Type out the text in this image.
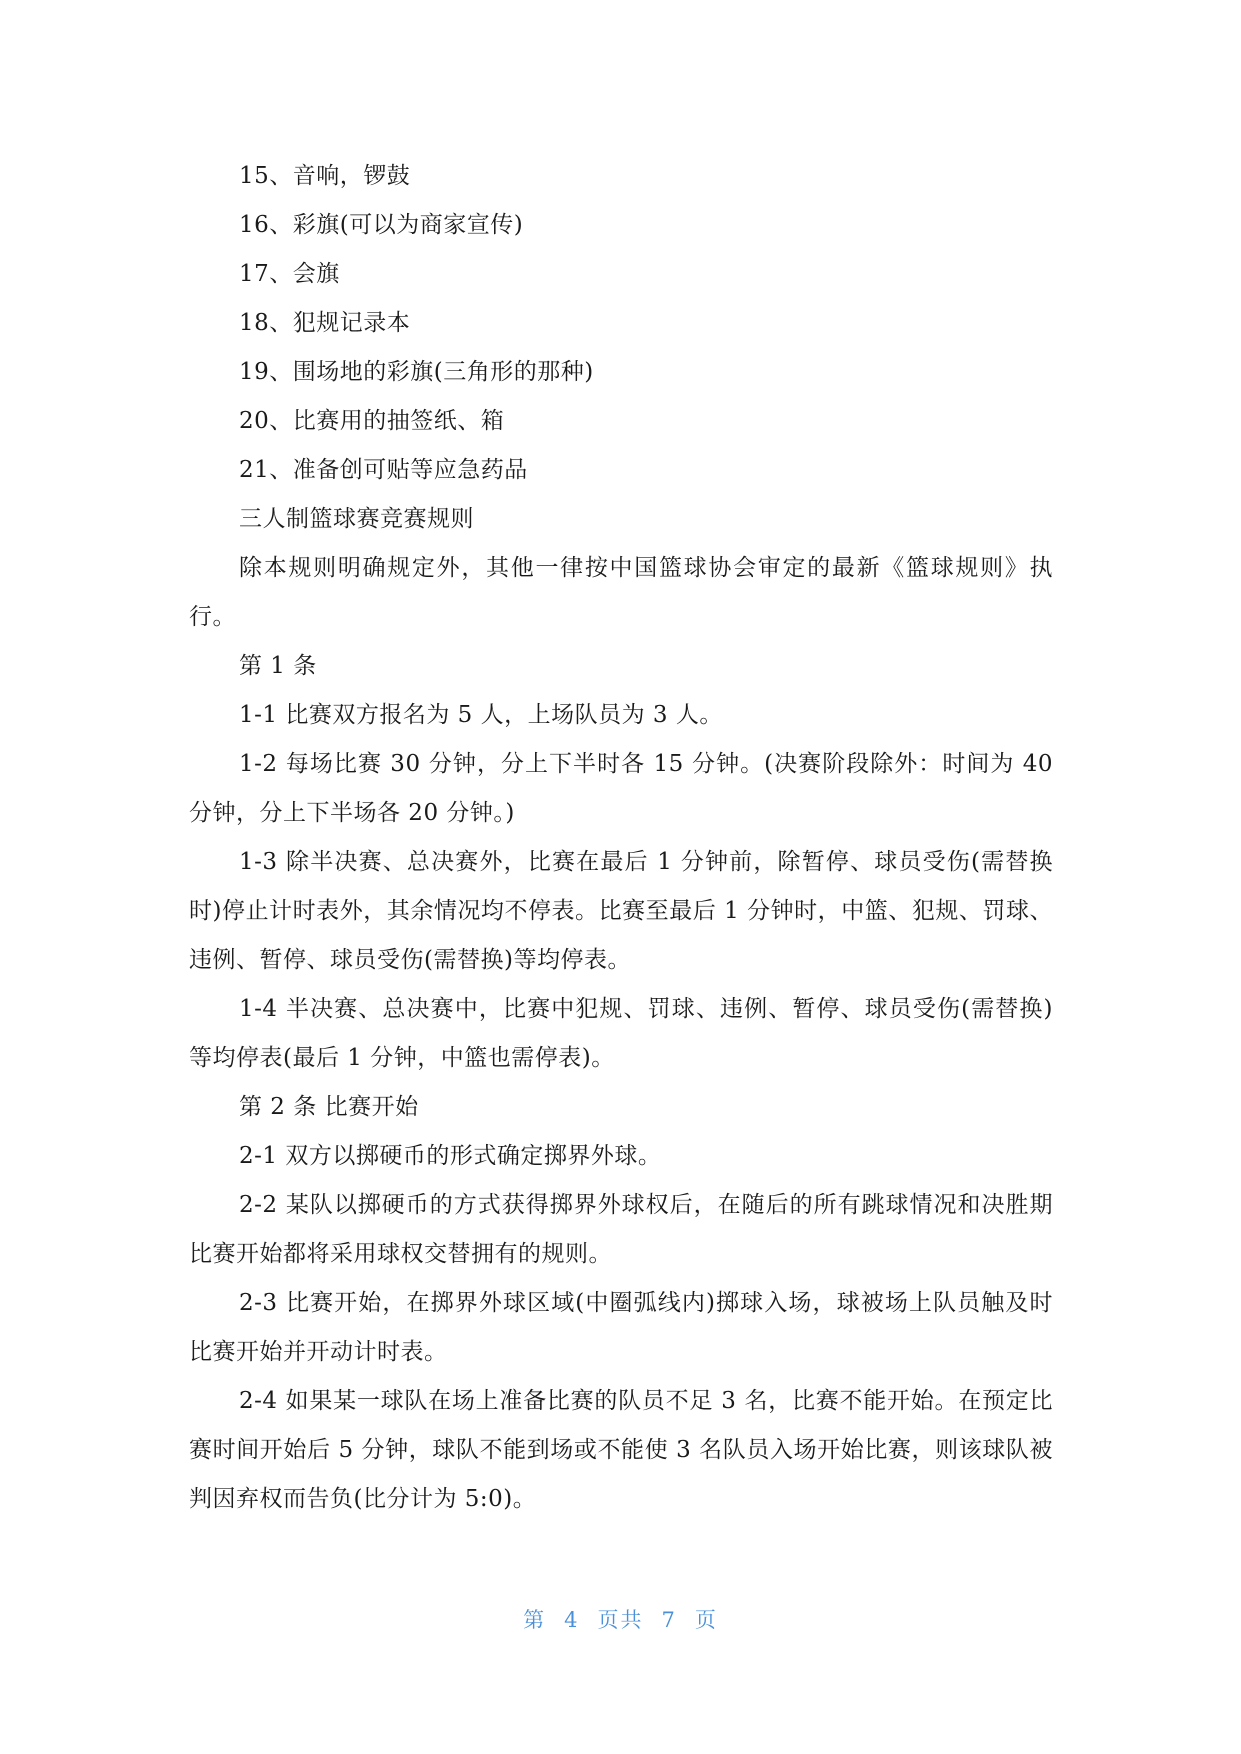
15、音响，锣鼓
16、彩旗(可以为商家宣传)
17、会旗
18、犯规记录本
19、围场地的彩旗(三角形的那种)
20、比赛用的抽签纸、箱
21、准备创可贴等应急药品
三人制篮球赛竞赛规则
除本规则明确规定外，其他一律按中国篮球协会审定的最新《篮球规则》执行。
第 1 条
1-1 比赛双方报名为 5 人，上场队员为 3 人。
1-2 每场比赛 30 分钟，分上下半时各 15 分钟。(决赛阶段除外：时间为 40 分钟，分上下半场各 20 分钟。)
1-3 除半决赛、总决赛外，比赛在最后 1 分钟前，除暂停、球员受伤(需替换时)停止计时表外，其余情况均不停表。比赛至最后 1 分钟时，中篮、犯规、罚球、违例、暂停、球员受伤(需替换)等均停表。
1-4 半决赛、总决赛中，比赛中犯规、罚球、违例、暂停、球员受伤(需替换)等均停表(最后 1 分钟，中篮也需停表)。
第 2 条 比赛开始
2-1 双方以掷硬币的形式确定掷界外球。
2-2 某队以掷硬币的方式获得掷界外球权后，在随后的所有跳球情况和决胜期比赛开始都将采用球权交替拥有的规则。
2-3 比赛开始，在掷界外球区域(中圈弧线内)掷球入场，球被场上队员触及时比赛开始并开动计时表。
2-4 如果某一球队在场上准备比赛的队员不足 3 名，比赛不能开始。在预定比赛时间开始后 5 分钟，球队不能到场或不能使 3 名队员入场开始比赛，则该球队被判因弃权而告负(比分计为 5:0)。
第 4 页共 7 页
